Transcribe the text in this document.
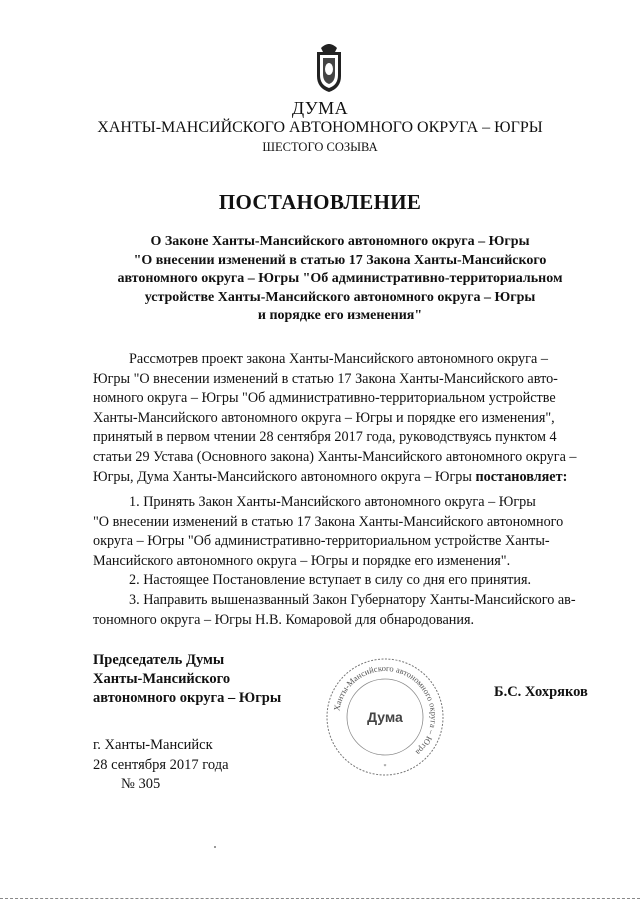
ДУМА
ХАНТЫ-МАНСИЙСКОГО АВТОНОМНОГО ОКРУГА – ЮГРЫ
ШЕСТОГО СОЗЫВА
ПОСТАНОВЛЕНИЕ
О Законе Ханты-Мансийского автономного округа – Югры
"О внесении изменений в статью 17 Закона Ханты-Мансийского
автономного округа – Югры "Об административно-территориальном
устройстве Ханты-Мансийского автономного округа – Югры
и порядке его изменения"
Рассмотрев проект закона Ханты-Мансийского автономного округа –
Югры "О внесении изменений в статью 17 Закона Ханты-Мансийского авто-
номного округа – Югры "Об административно-территориальном устройстве
Ханты-Мансийского автономного округа – Югры и порядке его изменения",
принятый в первом чтении 28 сентября 2017 года, руководствуясь пунктом 4
статьи 29 Устава (Основного закона) Ханты-Мансийского автономного округа –
Югры, Дума Ханты-Мансийского автономного округа – Югры постановляет:
1. Принять Закон Ханты-Мансийского автономного округа – Югры
"О внесении изменений в статью 17 Закона Ханты-Мансийского автономного
округа – Югры "Об административно-территориальном устройстве Ханты-
Мансийского автономного округа – Югры и порядке его изменения".
2. Настоящее Постановление вступает в силу со дня его принятия.
3. Направить вышеназванный Закон Губернатору Ханты-Мансийского ав-
тономного округа – Югры Н.В. Комаровой для обнародования.
Председатель Думы
Ханты-Мансийского
автономного округа – Югры
Ханты-Мансийского автономного округа – Югра
Дума
*
Б.С. Хохряков
г. Ханты-Мансийск
28 сентября 2017 года
№ 305
